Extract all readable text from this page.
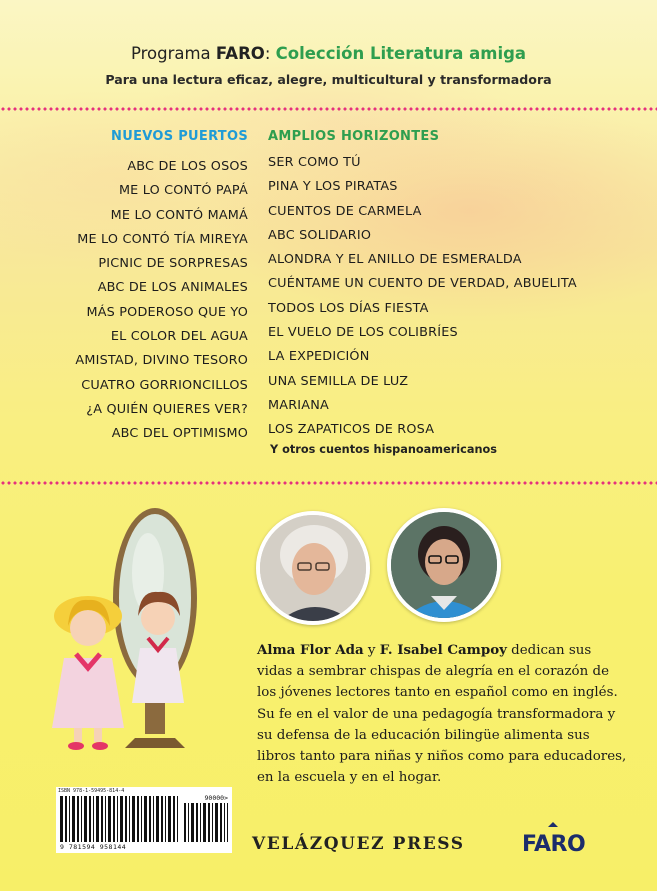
Programa FARO: Colección Literatura amiga
Para una lectura eficaz, alegre, multicultural y transformadora
NUEVOS PUERTOS
ABC DE LOS OSOS
ME LO CONTÓ PAPÁ
ME LO CONTÓ MAMÁ
ME LO CONTÓ TÍA MIREYA
PICNIC DE SORPRESAS
ABC DE LOS ANIMALES
MÁS PODEROSO QUE YO
EL COLOR DEL AGUA
AMISTAD, DIVINO TESORO
CUATRO GORRIONCILLOS
¿A QUIÉN QUIERES VER?
ABC DEL OPTIMISMO
AMPLIOS HORIZONTES
SER COMO TÚ
PINA Y LOS PIRATAS
CUENTOS DE CARMELA
ABC SOLIDARIO
ALONDRA Y EL ANILLO DE ESMERALDA
CUÉNTAME UN CUENTO DE VERDAD, ABUELITA
TODOS LOS DÍAS FIESTA
EL VUELO DE LOS COLIBRÍES
LA EXPEDICIÓN
UNA SEMILLA DE LUZ
MARIANA
LOS ZAPATICOS DE ROSA
Y otros cuentos hispanoamericanos
Alma Flor Ada y F. Isabel Campoy dedican sus vidas a sembrar chispas de alegría en el corazón de los jóvenes lectores tanto en español como en inglés. Su fe en el valor de una pedagogía transformadora y su defensa de la educación bilingüe alimenta sus libros tanto para niñas y niños como para educadores, en la escuela y en el hogar.
ISBN 978-1-59495-814-4
90000>
9 781594 958144	VELÁZQUEZ PRESS	FARO
